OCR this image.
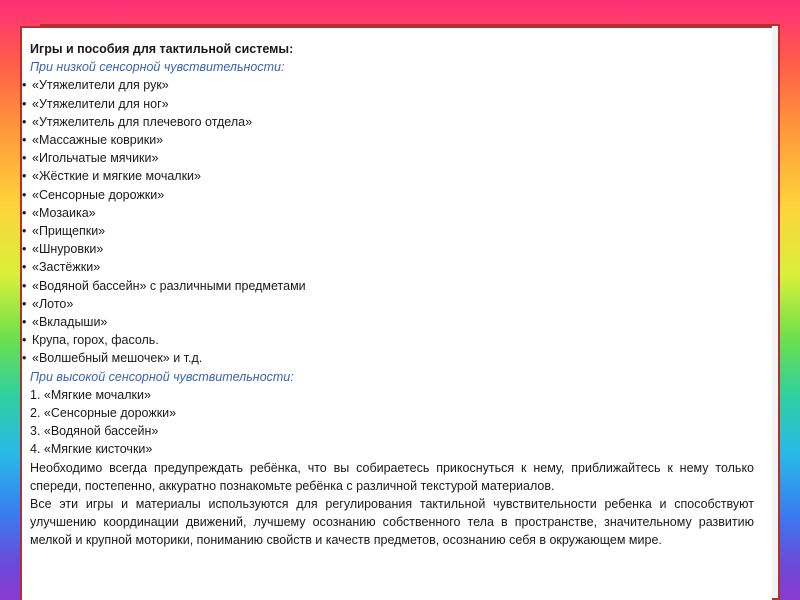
Игры и пособия для тактильной системы:
При низкой сенсорной чувствительности:
• «Утяжелители для рук»
• «Утяжелители для ног»
• «Утяжелитель для плечевого отдела»
• «Массажные коврики»
• «Игольчатые мячики»
• «Жёсткие и мягкие мочалки»
• «Сенсорные дорожки»
• «Мозаика»
• «Прищепки»
• «Шнуровки»
• «Застёжки»
• «Водяной бассейн» с различными предметами
• «Лото»
• «Вкладыши»
• Крупа, горох, фасоль.
• «Волшебный мешочек» и т.д.
При высокой сенсорной чувствительности:
1. «Мягкие мочалки»
2. «Сенсорные дорожки»
3. «Водяной бассейн»
4. «Мягкие кисточки»
Необходимо всегда предупреждать ребёнка, что вы собираетесь прикоснуться к нему, приближайтесь к нему только спереди, постепенно, аккуратно познакомьте ребёнка с различной текстурой материалов.
Все эти игры и материалы используются для регулирования тактильной чувствительности ребенка и способствуют улучшению координации движений, лучшему осознанию собственного тела в пространстве, значительному развитию мелкой и крупной моторики, пониманию свойств и качеств предметов, осознанию себя в окружающем мире.
